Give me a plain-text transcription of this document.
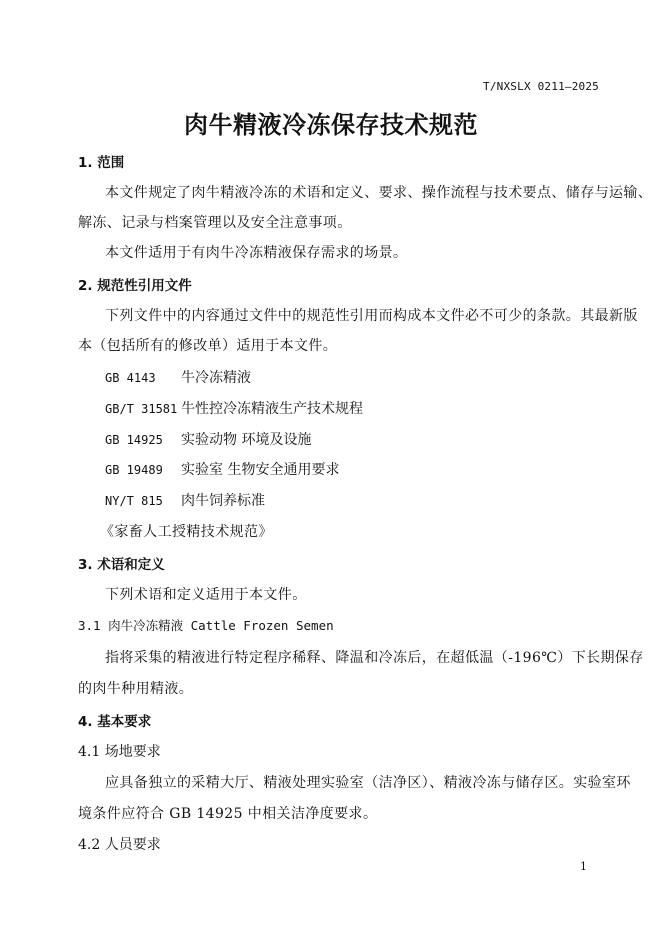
T/NXSLX 0211—2025
肉牛精液冷冻保存技术规范
1. 范围
本文件规定了肉牛精液冷冻的术语和定义、要求、操作流程与技术要点、储存与运输、
解冻、记录与档案管理以及安全注意事项。
本文件适用于有肉牛冷冻精液保存需求的场景。
2. 规范性引用文件
下列文件中的内容通过文件中的规范性引用而构成本文件必不可少的条款。其最新版
本（包括所有的修改单）适用于本文件。
GB 4143 牛冷冻精液
GB/T 31581 牛性控冷冻精液生产技术规程
GB 14925 实验动物 环境及设施
GB 19489 实验室 生物安全通用要求
NY/T 815 肉牛饲养标准
《家畜人工授精技术规范》
3. 术语和定义
下列术语和定义适用于本文件。
3.1 肉牛冷冻精液 Cattle Frozen Semen
指将采集的精液进行特定程序稀释、降温和冷冻后，在超低温（-196℃）下长期保存
的肉牛种用精液。
4. 基本要求
4.1 场地要求
应具备独立的采精大厅、精液处理实验室（洁净区）、精液冷冻与储存区。实验室环
境条件应符合 GB 14925 中相关洁净度要求。
4.2 人员要求
1
